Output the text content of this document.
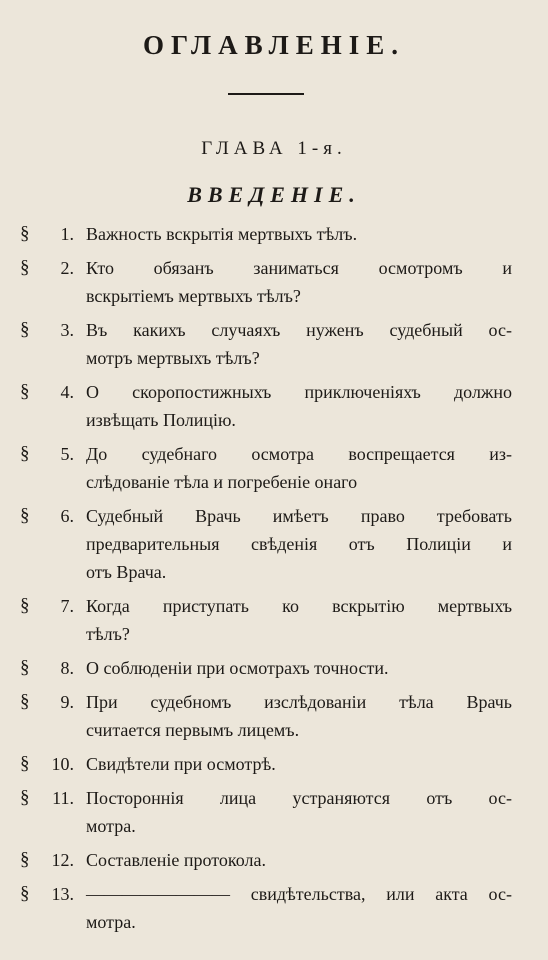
ОГЛАВЛЕНIЕ.
ГЛАВА 1-я.
ВВЕДЕНIЕ.
§	1. Важность вскрытія мертвыхъ тѣлъ.
§	2. Кто обязанъ заниматься осмотромъ и
вскрытіемъ мертвыхъ тѣлъ?
§	3. Въ какихъ случаяхъ нуженъ судебный ос-
мотръ мертвыхъ тѣлъ?
§	4. О скоропостижныхъ приключеніяхъ должно
извѣщать Полицію.
§	5. До судебнаго осмотра воспрещается из-
слѣдованіе тѣла и погребеніе онаго
§	6. Судебный Врачь имѣетъ право требовать
предварительныя свѣденія отъ Полиціи и
отъ Врача.
§	7. Когда приступать ко вскрытію мертвыхъ
тѣлъ?
§	8. О соблюденіи при осмотрахъ точности.
§	9. При судебномъ изслѣдованіи тѣла Врачь
считается первымъ лицемъ.
§	10. Свидѣтели при осмотрѣ.
§	11. Постороннія лица устраняются отъ ос-
мотра.
§	12. Составленіе протокола.
§	13. ———————— свидѣтельства, или акта ос-
мотра.
